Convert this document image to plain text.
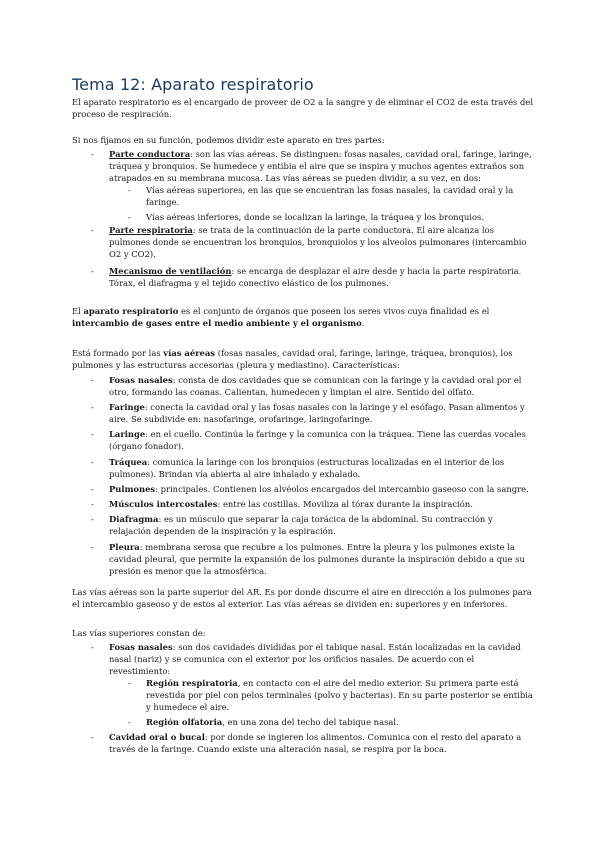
Tema 12: Aparato respiratorio

El aparato respiratorio es el encargado de proveer de O2 a la sangre y de eliminar el CO2 de esta través del proceso de respiración.

Si nos fijamos en su función, podemos dividir este aparato en tres partes:

- Parte conductora: son las vías aéreas. Se distinguen: fosas nasales, cavidad oral, faringe, laringe, tráquea y bronquios. Se humedece y entibia el aire que se inspira y muchos agentes extraños son atrapados en su membrana mucosa. Las vías aéreas se pueden dividir, a su vez, en dos:
- Vías aéreas superiores, en las que se encuentran las fosas nasales, la cavidad oral y la faringe.
- Vías aéreas inferiores, donde se localizan la laringe, la tráquea y los bronquios.
- Parte respiratoria: se trata de la continuación de la parte conductora. El aire alcanza los pulmones donde se encuentran los bronquios, bronquiolos y los alveolos pulmonares (intercambio O2 y CO2).
- Mecanismo de ventilación: se encarga de desplazar el aire desde y hacia la parte respiratoria. Tórax, el diafragma y el tejido conectivo elástico de los pulmones.

El aparato respiratorio es el conjunto de órganos que poseen los seres vivos cuya finalidad es el intercambio de gases entre el medio ambiente y el organismo.

Está formado por las vías aéreas (fosas nasales, cavidad oral, faringe, laringe, tráquea, bronquios), los pulmones y las estructuras accesorias (pleura y mediastino). Características:

- Fosas nasales: consta de dos cavidades que se comunican con la faringe y la cavidad oral por el otro, formando las coanas. Calientan, humedecen y limpian el aire. Sentido del olfato.
- Faringe: conecta la cavidad oral y las fosas nasales con la laringe y el esófago. Pasan alimentos y aire. Se subdivide en: nasofaringe, orofaringe, laringofaringe.
- Laringe: en el cuello. Continúa la faringe y la comunica con la tráquea. Tiene las cuerdas vocales (órgano fonador).
- Tráquea: comunica la laringe con los bronquios (estructuras localizadas en el interior de los pulmones). Brindan vía abierta al aire inhalado y exhalado.
- Pulmones: principales. Contienen los alvéolos encargados del intercambio gaseoso con la sangre.
- Músculos intercostales: entre las costillas. Moviliza al tórax durante la inspiración.
- Diafragma: es un músculo que separar la caja torácica de la abdominal. Su contracción y relajación dependen de la inspiración y la espiración.
- Pleura: membrana serosa que recubre a los pulmones. Entre la pleura y los pulmones existe la cavidad pleural, que permite la expansión de los pulmones durante la inspiración debido a que su presión es menor que la atmosférica.

Las vías aéreas son la parte superior del AR. Es por donde discurre el aire en dirección a los pulmones para el intercambio gaseoso y de estos al exterior. Las vías aéreas se dividen en: superiores y en inferiores.

Las vías superiores constan de:

- Fosas nasales: son dos cavidades divididas por el tabique nasal. Están localizadas en la cavidad nasal (nariz) y se comunica con el exterior por los orificios nasales. De acuerdo con el revestimiento:
- Región respiratoria, en contacto con el aire del medio exterior. Su primera parte está revestida por piel con pelos terminales (polvo y bacterias). En su parte posterior se entibia y humedece el aire.
- Región olfatoria, en una zona del techo del tabique nasal.
- Cavidad oral o bucal: por donde se ingieren los alimentos. Comunica con el resto del aparato a través de la faringe. Cuando existe una alteración nasal, se respira por la boca.
